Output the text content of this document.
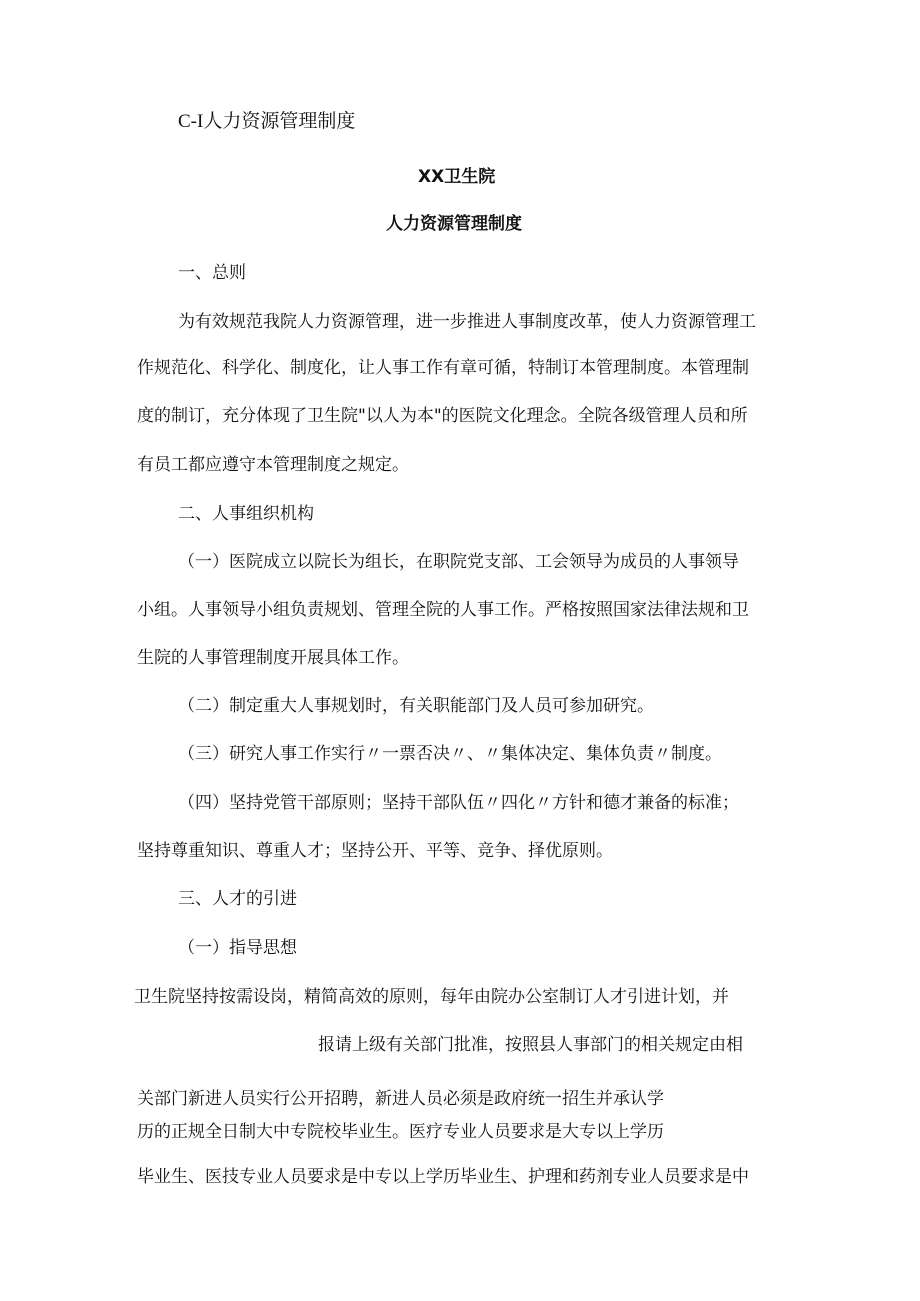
C-I人力资源管理制度

XX卫生院

人力资源管理制度

一、总则

为有效规范我院人力资源管理，进一步推进人事制度改革，使人力资源管理工

作规范化、科学化、制度化，让人事工作有章可循，特制订本管理制度。本管理制

度的制订，充分体现了卫生院"以人为本"的医院文化理念。全院各级管理人员和所

有员工都应遵守本管理制度之规定。

二、人事组织机构

（一）医院成立以院长为组长，在职院党支部、工会领导为成员的人事领导

小组。人事领导小组负责规划、管理全院的人事工作。严格按照国家法律法规和卫

生院的人事管理制度开展具体工作。

（二）制定重大人事规划时，有关职能部门及人员可参加研究。

（三）研究人事工作实行〃一票否决〃、〃集体决定、集体负责〃制度。

（四）坚持党管干部原则；坚持干部队伍〃四化〃方针和德才兼备的标准；

坚持尊重知识、尊重人才；坚持公开、平等、竞争、择优原则。

三、人才的引进

（一）指导思想

卫生院坚持按需设岗，精简高效的原则，每年由院办公室制订人才引进计划，并

报请上级有关部门批准，按照县人事部门的相关规定由相

关部门新进人员实行公开招聘，新进人员必须是政府统一招生并承认学

历的正规全日制大中专院校毕业生。医疗专业人员要求是大专以上学历

毕业生、医技专业人员要求是中专以上学历毕业生、护理和药剂专业人员要求是中
